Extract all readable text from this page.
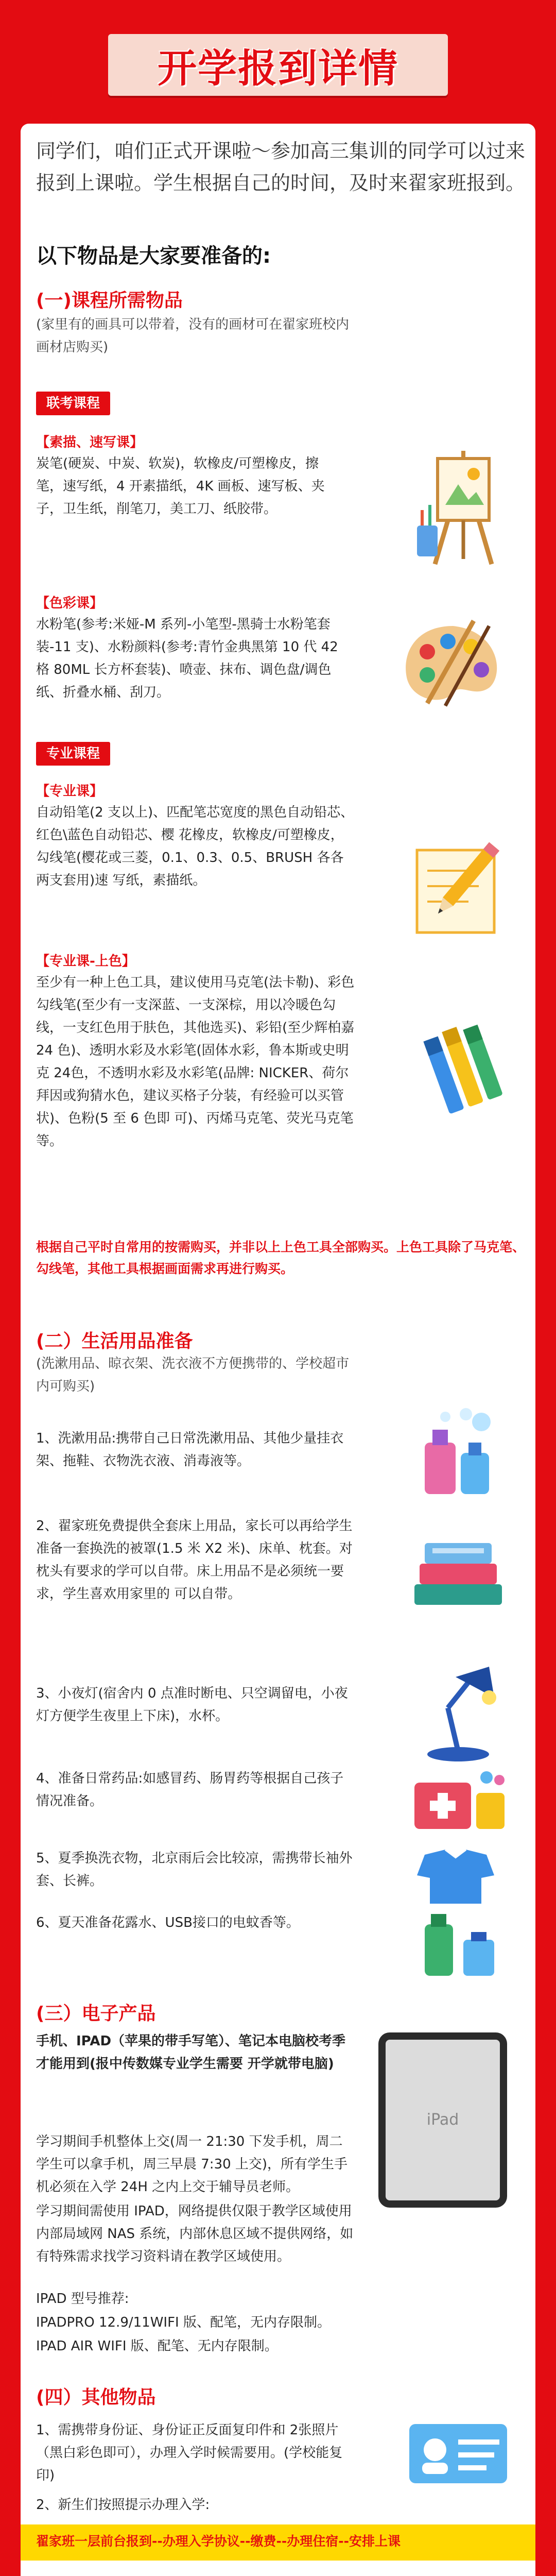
开学报到详情
同学们，咱们正式开课啦～参加高三集训的同学可以过来报到上课啦。学生根据自己的时间，及时来翟家班报到。
以下物品是大家要准备的:
(一)课程所需物品
(家里有的画具可以带着，没有的画材可在翟家班校内画材店购买)
联考课程
【素描、速写课】
炭笔(硬炭、中炭、软炭)，软橡皮/可塑橡皮，擦笔，速写纸，4 开素描纸，4K 画板、速写板、夹子，卫生纸，削笔刀，美工刀、纸胶带。
【色彩课】
水粉笔(参考:米娅-M 系列-小笔型-黑骑士水粉笔套装-11 支)、水粉颜料(参考:青竹金典黑第 10 代 42 格 80ML 长方杯套装)、喷壶、抹布、调色盘/调色纸、折叠水桶、刮刀。
专业课程
【专业课】
自动铅笔(2 支以上)、匹配笔芯宽度的黑色自动铅芯、红色\蓝色自动铅芯、樱 花橡皮，软橡皮/可塑橡皮，勾线笔(樱花或三菱，0.1、0.3、0.5、BRUSH 各各两支套用)速 写纸，素描纸。
【专业课-上色】
至少有一种上色工具，建议使用马克笔(法卡勒)、彩色勾线笔(至少有一支深蓝、一支深棕，用以冷暖色勾线，一支红色用于肤色，其他选买)、彩铅(至少辉柏嘉24 色)、透明水彩及水彩笔(固体水彩，鲁本斯或史明克 24色，不透明水彩及水彩笔(品牌: NICKER、荷尔拜因或狗猜水色，建议买格子分装，有经验可以买管状)、色粉(5 至 6 色即 可)、丙烯马克笔、荧光马克笔等。
根据自己平时自常用的按需购买，并非以上上色工具全部购买。上色工具除了马克笔、勾线笔，其他工具根据画面需求再进行购买。
(二）生活用品准备
(洗漱用品、晾衣架、洗衣液不方便携带的、学校超市内可购买)
1、洗漱用品:携带自己日常洗漱用品、其他少量挂衣架、拖鞋、衣物洗衣液、消毒液等。
2、翟家班免费提供全套床上用品，家长可以再给学生准备一套换洗的被罩(1.5 米 X2 米)、床单、枕套。对枕头有要求的学可以自带。床上用品不是必须统一要求，学生喜欢用家里的 可以自带。
3、小夜灯(宿舍内 0 点准时断电、只空调留电，小夜灯方便学生夜里上下床)，水杯。
4、准备日常药品:如感冒药、肠胃药等根据自己孩子情况准备。
5、夏季换洗衣物，北京雨后会比较凉，需携带长袖外套、长裤。
6、夏天准备花露水、USB接口的电蚊香等。
(三）电子产品
手机、IPAD（苹果的带手写笔）、笔记本电脑校考季才能用到(报中传数媒专业学生需要 开学就带电脑)
iPad
学习期间手机整体上交(周一 21:30 下发手机，周二学生可以拿手机，周三早晨 7:30 上交)，所有学生手机必须在入学 24H 之内上交于辅导员老师。
学习期间需使用 IPAD，网络提供仅限于教学区域使用内部局域网 NAS 系统，内部休息区域不提供网络，如有特殊需求找学习资料请在教学区域使用。
IPAD 型号推荐:
IPADPRO 12.9/11WIFI 版、配笔，无内存限制。
IPAD AIR WIFI 版、配笔、无内存限制。
(四）其他物品
1、需携带身份证、身份证正反面复印件和 2张照片（黑白彩色即可），办理入学时候需要用。(学校能复印)
2、新生们按照提示办理入学:
翟家班一层前台报到--办理入学协议--缴费--办理住宿--安排上课
